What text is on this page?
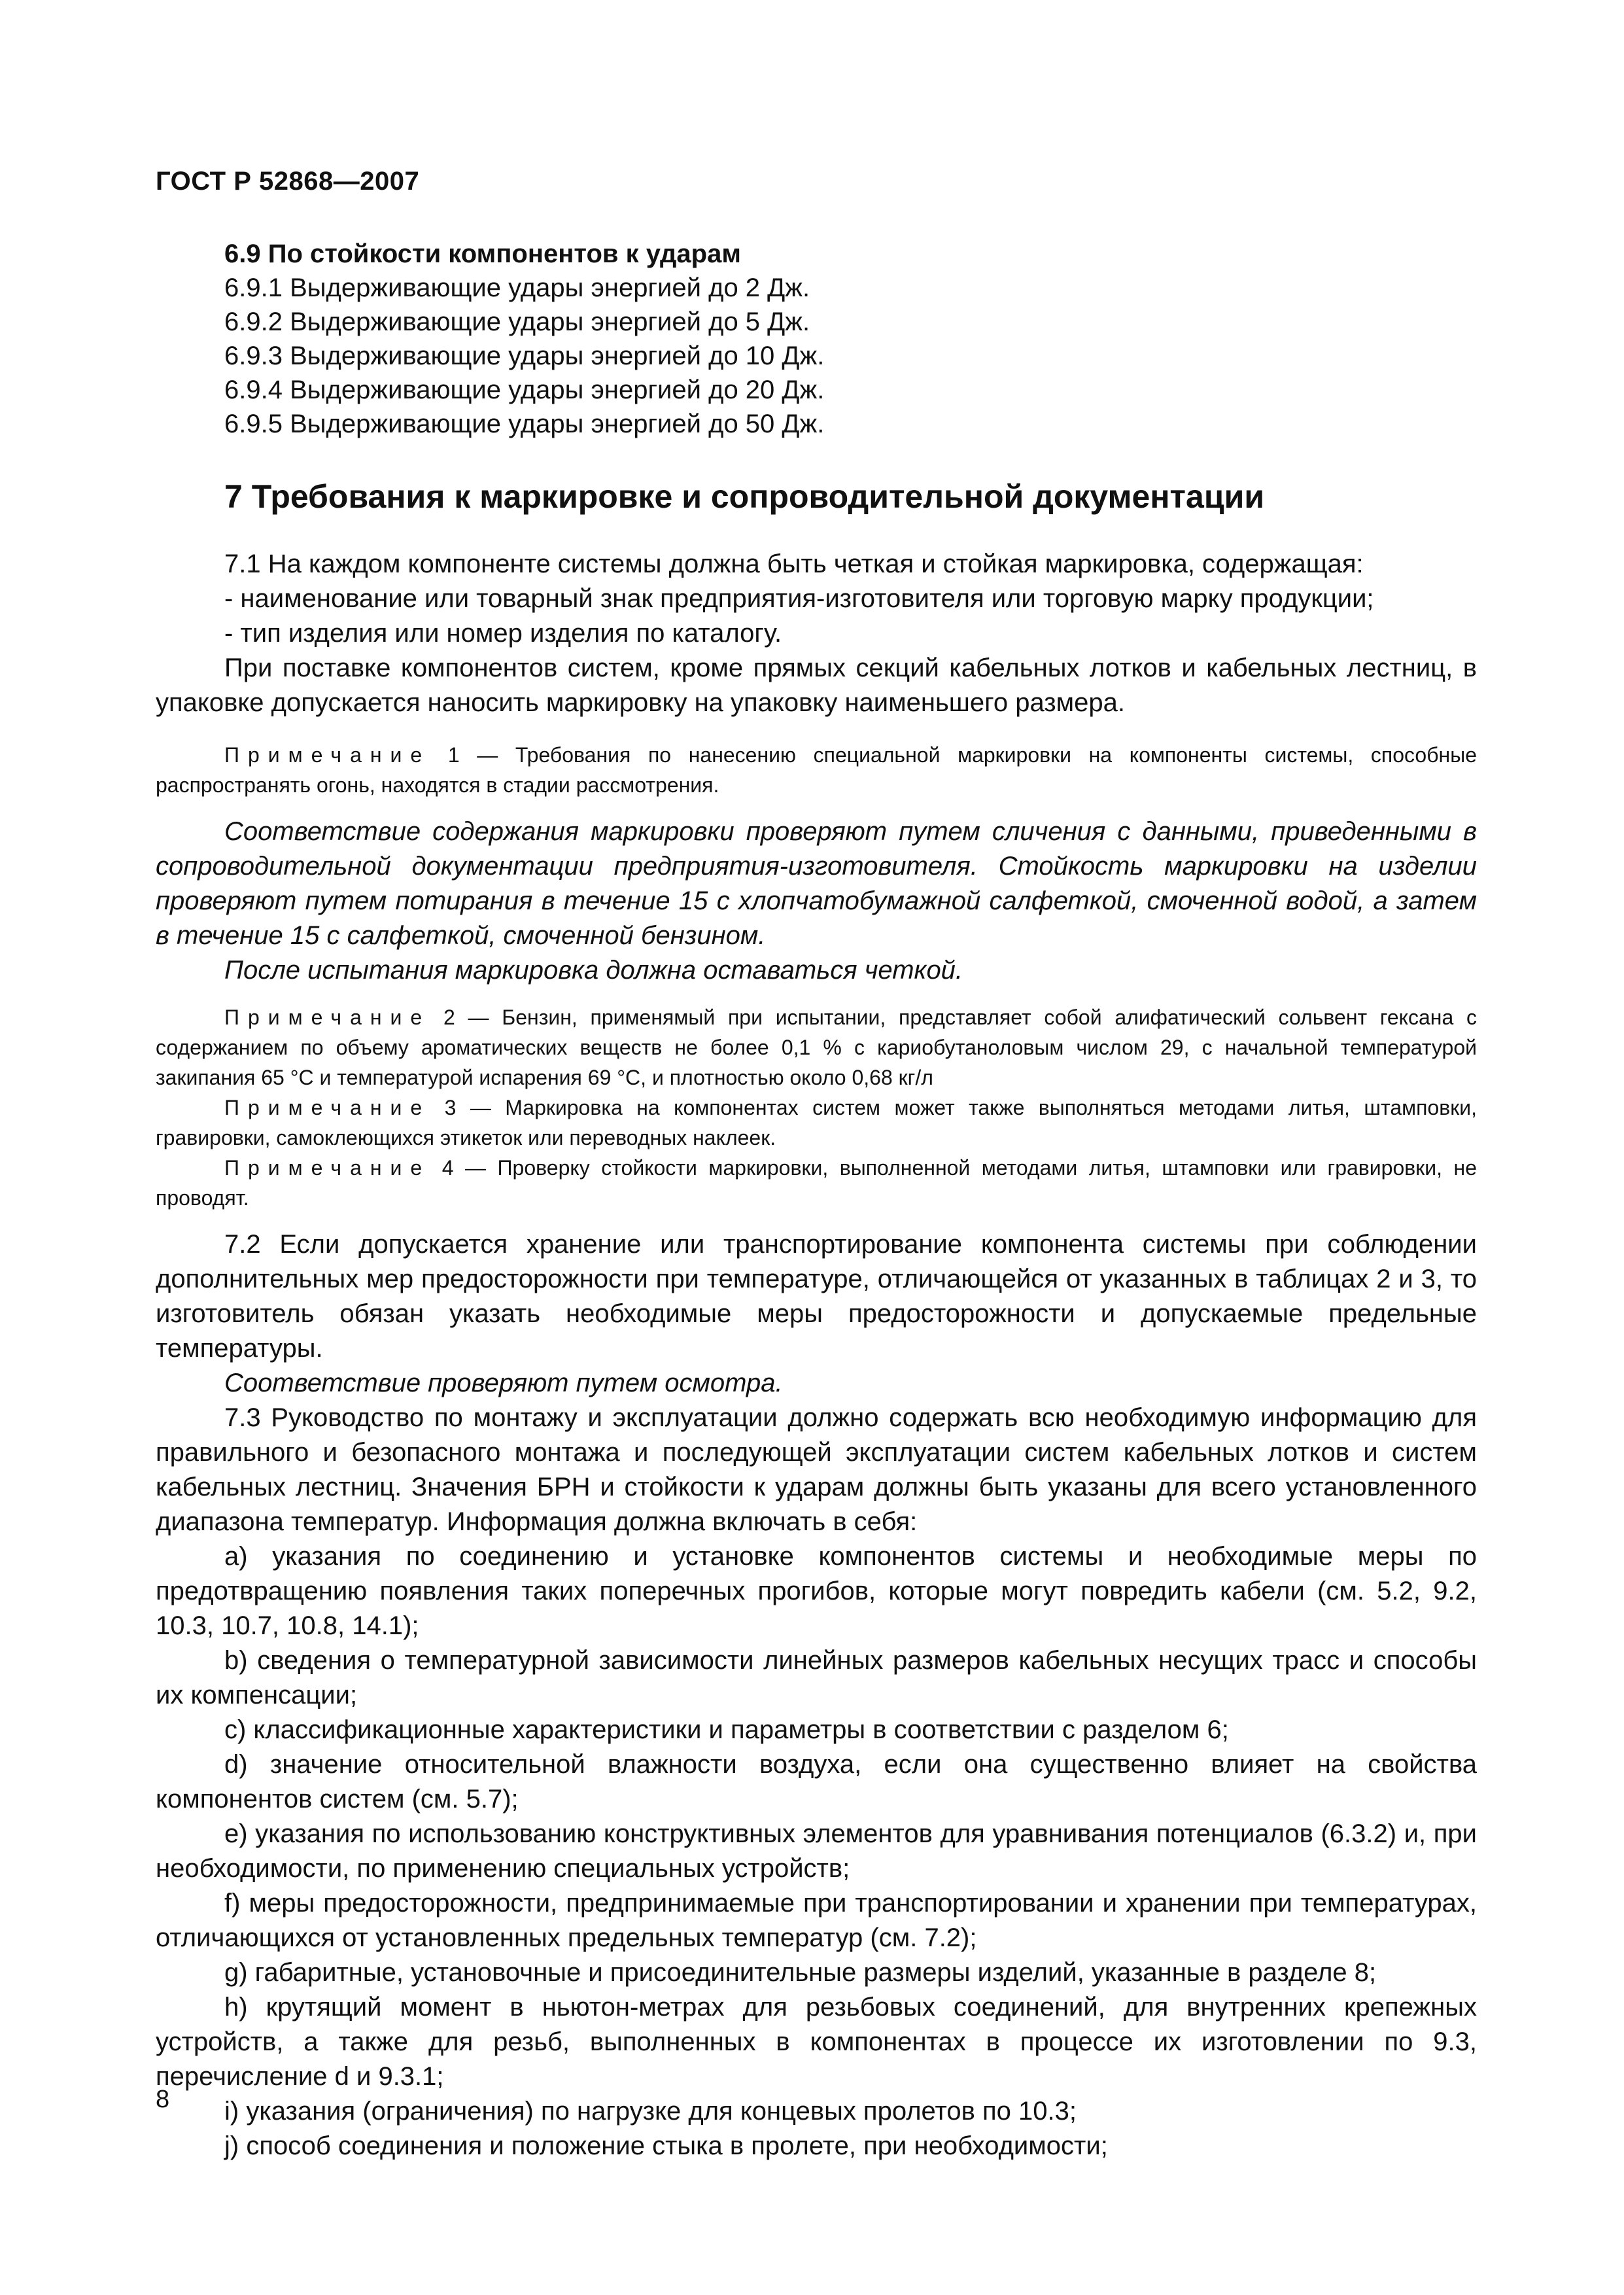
ГОСТ Р 52868—2007
6.9 По стойкости компонентов к ударам
6.9.1 Выдерживающие удары энергией до 2 Дж.
6.9.2 Выдерживающие удары энергией до 5 Дж.
6.9.3 Выдерживающие удары энергией до 10 Дж.
6.9.4 Выдерживающие удары энергией до 20 Дж.
6.9.5 Выдерживающие удары энергией до 50 Дж.
7 Требования к маркировке и сопроводительной документации

7.1 На каждом компоненте системы должна быть четкая и стойкая маркировка, содержащая:

- наименование или товарный знак предприятия-изготовителя или торговую марку продукции;

- тип изделия или номер изделия по каталогу.

При поставке компонентов систем, кроме прямых секций кабельных лотков и кабельных лестниц, в упаковке допускается наносить маркировку на упаковку наименьшего размера.

Примечание 1 — Требования по нанесению специальной маркировки на компоненты системы, способные распространять огонь, находятся в стадии рассмотрения.

Соответствие содержания маркировки проверяют путем сличения с данными, приведенными в сопроводительной документации предприятия-изготовителя. Стойкость маркировки на изделии проверяют путем потирания в течение 15 с хлопчатобумажной салфеткой, смоченной водой, а затем в течение 15 с салфеткой, смоченной бензином.

После испытания маркировка должна оставаться четкой.

Примечание 2 — Бензин, применямый при испытании, представляет собой алифатический сольвент гексана с содержанием по объему ароматических веществ не более 0,1 % с кариобутаноловым числом 29, с начальной температурой закипания 65 °С и температурой испарения 69 °С, и плотностью около 0,68 кг/л

Примечание 3 — Маркировка на компонентах систем может также выполняться методами литья, штамповки, гравировки, самоклеющихся этикеток или переводных наклеек.

Примечание 4 — Проверку стойкости маркировки, выполненной методами литья, штамповки или гравировки, не проводят.

7.2 Если допускается хранение или транспортирование компонента системы при соблюдении дополнительных мер предосторожности при температуре, отличающейся от указанных в таблицах 2 и 3, то изготовитель обязан указать необходимые меры предосторожности и допускаемые предельные температуры.

Соответствие проверяют путем осмотра.

7.3 Руководство по монтажу и эксплуатации должно содержать всю необходимую информацию для правильного и безопасного монтажа и последующей эксплуатации систем кабельных лотков и систем кабельных лестниц. Значения БРН и стойкости к ударам должны быть указаны для всего установленного диапазона температур. Информация должна включать в себя:

a) указания по соединению и установке компонентов системы и необходимые меры по предотвращению появления таких поперечных прогибов, которые могут повредить кабели (см. 5.2, 9.2, 10.3, 10.7, 10.8, 14.1);

b) сведения о температурной зависимости линейных размеров кабельных несущих трасс и способы их компенсации;

c) классификационные характеристики и параметры в соответствии с разделом 6;

d) значение относительной влажности воздуха, если она существенно влияет на свойства компонентов систем (см. 5.7);

e) указания по использованию конструктивных элементов для уравнивания потенциалов (6.3.2) и, при необходимости, по применению специальных устройств;

f) меры предосторожности, предпринимаемые при транспортировании и хранении при температурах, отличающихся от установленных предельных температур (см. 7.2);

g) габаритные, установочные и присоединительные размеры изделий, указанные в разделе 8;

h) крутящий момент в ньютон-метрах для резьбовых соединений, для внутренних крепежных устройств, а также для резьб, выполненных в компонентах в процессе их изготовлении по 9.3, перечисление d и 9.3.1;

i) указания (ограничения) по нагрузке для концевых пролетов по 10.3;

j) способ соединения и положение стыка в пролете, при необходимости;

8
